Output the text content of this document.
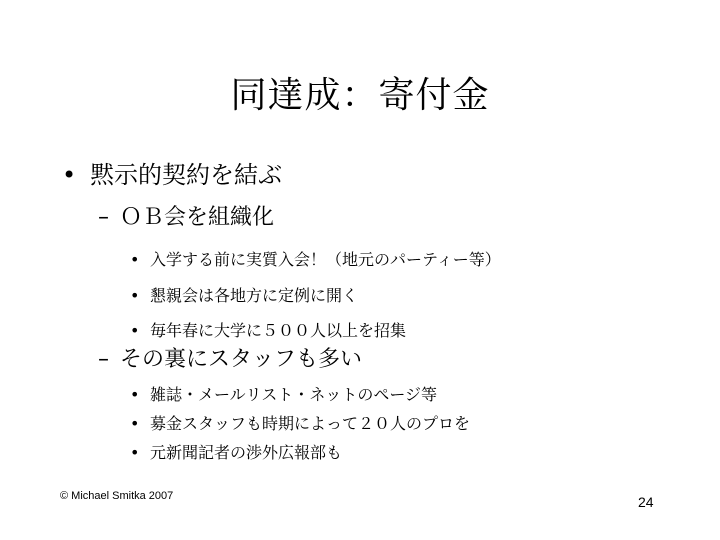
同達成：寄付金
• 黙示的契約を結ぶ
– ＯＢ会を組織化
• 入学する前に実質入会！（地元のパーティー等）
• 懇親会は各地方に定例に開く
• 毎年春に大学に５００人以上を招集
– その裏にスタッフも多い
• 雑誌・メールリスト・ネットのページ等
• 募金スタッフも時期によって２０人のプロを
• 元新聞記者の渉外広報部も
© Michael Smitka 2007	24
